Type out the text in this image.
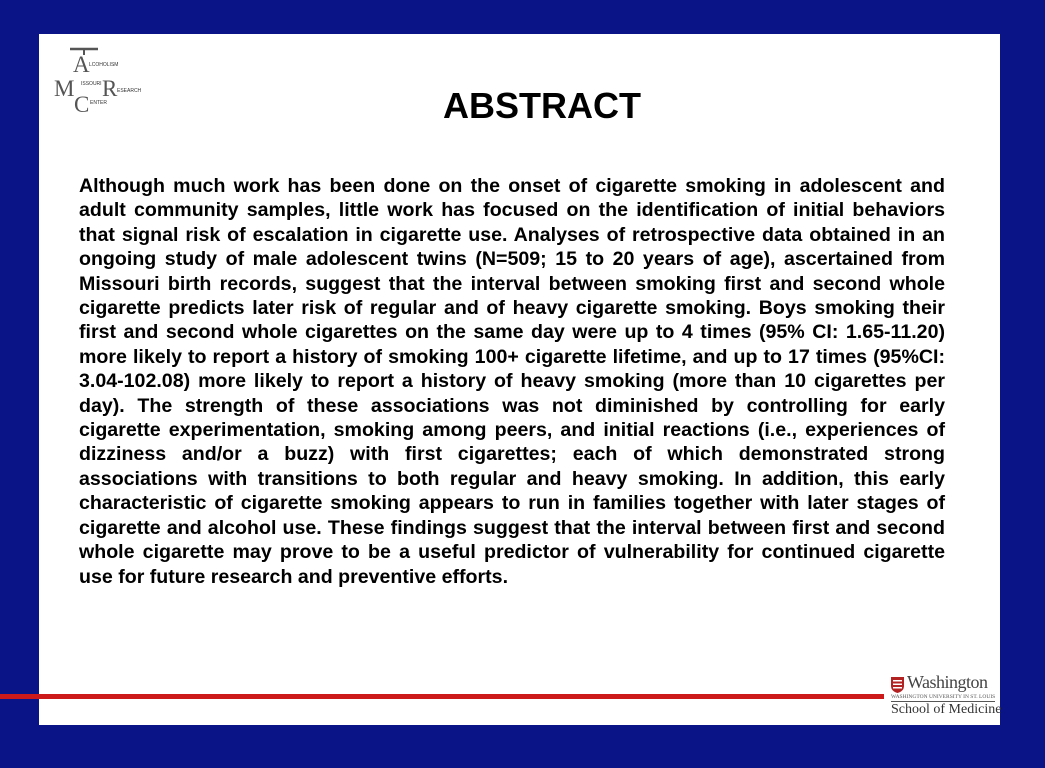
A LCOHOLISM
M ISSOURI R ESEARCH
C ENTER	ABSTRACT

Although much work has been done on the onset of cigarette smoking in adolescent and adult community samples, little work has focused on the identification of initial behaviors that signal risk of escalation in cigarette use. Analyses of retrospective data obtained in an ongoing study of male adolescent twins (N=509; 15 to 20 years of age), ascertained from Missouri birth records, suggest that the interval between smoking first and second whole cigarette predicts later risk of regular and of heavy cigarette smoking. Boys smoking their first and second whole cigarettes on the same day were up to 4 times (95% CI: 1.65-11.20) more likely to report a history of smoking 100+ cigarette lifetime, and up to 17 times (95%CI: 3.04-102.08) more likely to report a history of heavy smoking (more than 10 cigarettes per day). The strength of these associations was not diminished by controlling for early cigarette experimentation, smoking among peers, and initial reactions (i.e., experiences of dizziness and/or a buzz) with first cigarettes; each of which demonstrated strong associations with transitions to both regular and heavy smoking. In addition, this early characteristic of cigarette smoking appears to run in families together with later stages of cigarette and alcohol use. These findings suggest that the interval between first and second whole cigarette may prove to be a useful predictor of vulnerability for continued cigarette use for future research and preventive efforts.

Washington
WASHINGTON UNIVERSITY IN ST. LOUIS
School of Medicine
